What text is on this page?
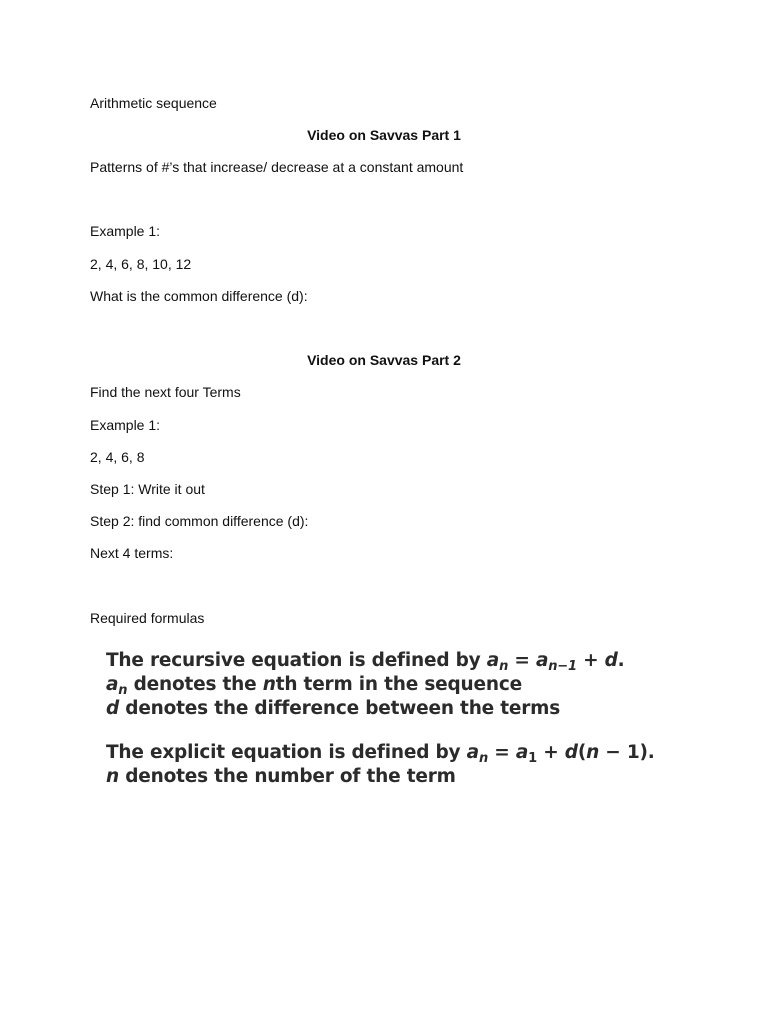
Arithmetic sequence
Video on Savvas Part 1
Patterns of #’s that increase/ decrease at a constant amount
Example 1:
2, 4, 6, 8, 10, 12
What is the common difference (d):
Video on Savvas Part 2
Find the next four Terms
Example 1:
2, 4, 6, 8
Step 1: Write it out
Step 2: find common difference (d):
Next 4 terms:
Required formulas
The recursive equation is defined by $a_n = a_{n-1} + d$.
$a_n$ denotes the nth term in the sequence
d denotes the difference between the terms
The explicit equation is defined by $a_n = a_1 + d(n - 1)$.
n denotes the number of the term
